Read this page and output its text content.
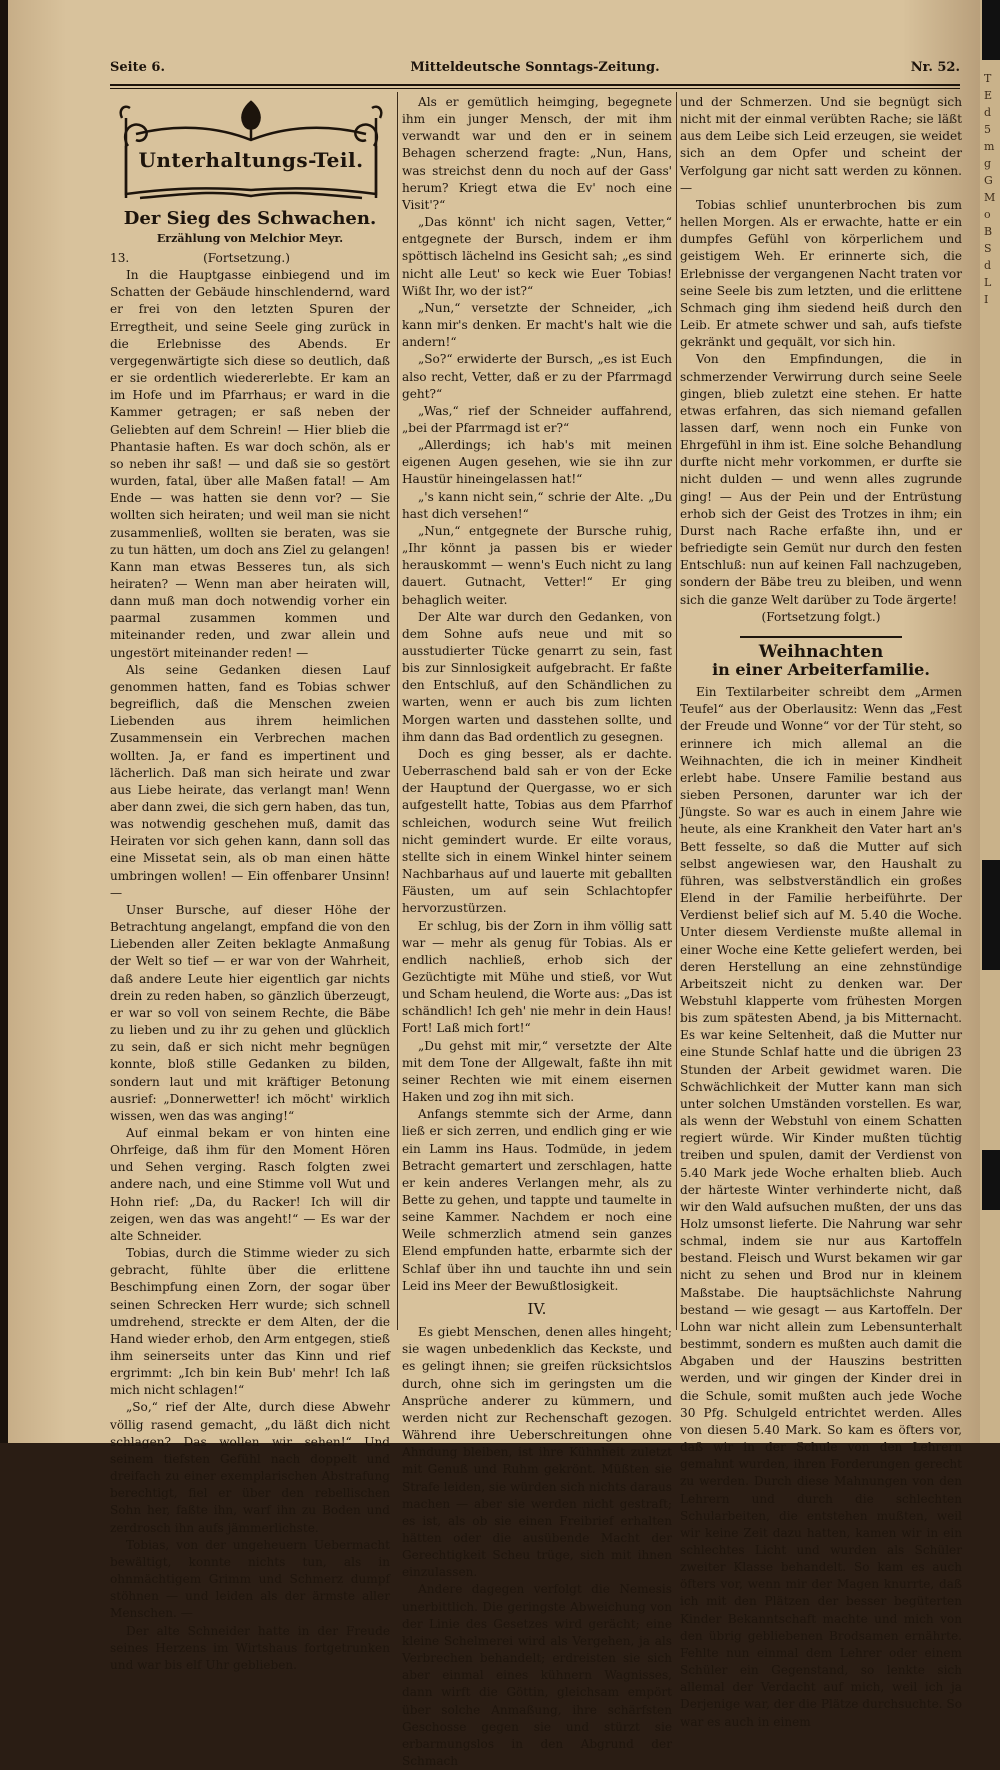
Seite 6.	Mitteldeutsche Sonntags-Zeitung.	Nr. 52.
Unterhaltungs-Teil.
Der Sieg des Schwachen.
Erzählung von Melchior Meyr.

13.	(Fortsetzung.)

In die Hauptgasse einbiegend und im Schatten der Gebäude hinschlendernd, ward er frei von den letzten Spuren der Erregtheit, und seine Seele ging zurück in die Erlebnisse des Abends. Er vergegenwärtigte sich diese so deutlich, daß er sie ordentlich wiedererlebte. Er kam an im Hofe und im Pfarrhaus; er ward in die Kammer getragen; er saß neben der Geliebten auf dem Schrein! — Hier blieb die Phantasie haften. Es war doch schön, als er so neben ihr saß! — und daß sie so gestört wurden, fatal, über alle Maßen fatal! — Am Ende — was hatten sie denn vor? — Sie wollten sich heiraten; und weil man sie nicht zusammenließ, wollten sie beraten, was sie zu tun hätten, um doch ans Ziel zu gelangen! Kann man etwas Besseres tun, als sich heiraten? — Wenn man aber heiraten will, dann muß man doch notwendig vorher ein paarmal zusammen kommen und miteinander reden, und zwar allein und ungestört miteinander reden! —

Als seine Gedanken diesen Lauf genommen hatten, fand es Tobias schwer begreiflich, daß die Menschen zweien Liebenden aus ihrem heimlichen Zusammensein ein Verbrechen machen wollten. Ja, er fand es impertinent und lächerlich. Daß man sich heirate und zwar aus Liebe heirate, das verlangt man! Wenn aber dann zwei, die sich gern haben, das tun, was notwendig geschehen muß, damit das Heiraten vor sich gehen kann, dann soll das eine Missetat sein, als ob man einen hätte umbringen wollen! — Ein offenbarer Unsinn! —

Unser Bursche, auf dieser Höhe der Betrachtung angelangt, empfand die von den Liebenden aller Zeiten beklagte Anmaßung der Welt so tief — er war von der Wahrheit, daß andere Leute hier eigentlich gar nichts drein zu reden haben, so gänzlich überzeugt, er war so voll von seinem Rechte, die Bäbe zu lieben und zu ihr zu gehen und glücklich zu sein, daß er sich nicht mehr begnügen konnte, bloß stille Gedanken zu bilden, sondern laut und mit kräftiger Betonung ausrief: „Donnerwetter! ich möcht' wirklich wissen, wen das was anging!“

Auf einmal bekam er von hinten eine Ohrfeige, daß ihm für den Moment Hören und Sehen verging. Rasch folgten zwei andere nach, und eine Stimme voll Wut und Hohn rief: „Da, du Racker! Ich will dir zeigen, wen das was angeht!“ — Es war der alte Schneider.

Tobias, durch die Stimme wieder zu sich gebracht, fühlte über die erlittene Beschimpfung einen Zorn, der sogar über seinen Schrecken Herr wurde; sich schnell umdrehend, streckte er dem Alten, der die Hand wieder erhob, den Arm entgegen, stieß ihm seinerseits unter das Kinn und rief ergrimmt: „Ich bin kein Bub' mehr! Ich laß mich nicht schlagen!“

„So,“ rief der Alte, durch diese Abwehr völlig rasend gemacht, „du läßt dich nicht schlagen? Das wollen wir sehen!“ Und seinem tiefsten Gefühl nach doppelt und dreifach zu einer exemplarischen Abstrafung berechtigt, fiel er über den rebellischen Sohn her, faßte ihn, warf ihn zu Boden und zerdrosch ihn aufs jämmerlichste.

Tobias, von der ungeheuern Uebermacht bewältigt, konnte nichts tun, als in ohnmächtigem Grimm und Schmerz dumpf stöhnen — und leiden als der ärmste aller Menschen. —

Der alte Schneider hatte in der Freude seines Herzens im Wirtshaus fortgetrunken und war bis elf Uhr geblieben.

Als er gemütlich heimging, begegnete ihm ein junger Mensch, der mit ihm verwandt war und den er in seinem Behagen scherzend fragte: „Nun, Hans, was streichst denn du noch auf der Gass' herum? Kriegt etwa die Ev' noch eine Visit'?“

„Das könnt' ich nicht sagen, Vetter,“ entgegnete der Bursch, indem er ihm spöttisch lächelnd ins Gesicht sah; „es sind nicht alle Leut' so keck wie Euer Tobias! Wißt Ihr, wo der ist?“

„Nun,“ versetzte der Schneider, „ich kann mir's denken. Er macht's halt wie die andern!“

„So?“ erwiderte der Bursch, „es ist Euch also recht, Vetter, daß er zu der Pfarrmagd geht?“

„Was,“ rief der Schneider auffahrend, „bei der Pfarrmagd ist er?“

„Allerdings; ich hab's mit meinen eigenen Augen gesehen, wie sie ihn zur Haustür hineingelassen hat!“

„'s kann nicht sein,“ schrie der Alte. „Du hast dich versehen!“

„Nun,“ entgegnete der Bursche ruhig, „Ihr könnt ja passen bis er wieder herauskommt — wenn's Euch nicht zu lang dauert. Gutnacht, Vetter!“ Er ging behaglich weiter.

Der Alte war durch den Gedanken, von dem Sohne aufs neue und mit so ausstudierter Tücke genarrt zu sein, fast bis zur Sinnlosigkeit aufgebracht. Er faßte den Entschluß, auf den Schändlichen zu warten, wenn er auch bis zum lichten Morgen warten und dasstehen sollte, und ihm dann das Bad ordentlich zu gesegnen.

Doch es ging besser, als er dachte. Ueberraschend bald sah er von der Ecke der Hauptund der Quergasse, wo er sich aufgestellt hatte, Tobias aus dem Pfarrhof schleichen, wodurch seine Wut freilich nicht gemindert wurde. Er eilte voraus, stellte sich in einem Winkel hinter seinem Nachbarhaus auf und lauerte mit geballten Fäusten, um auf sein Schlachtopfer hervorzustürzen.

Er schlug, bis der Zorn in ihm völlig satt war — mehr als genug für Tobias. Als er endlich nachließ, erhob sich der Gezüchtigte mit Mühe und stieß, vor Wut und Scham heulend, die Worte aus: „Das ist schändlich! Ich geh' nie mehr in dein Haus! Fort! Laß mich fort!“

„Du gehst mit mir,“ versetzte der Alte mit dem Tone der Allgewalt, faßte ihn mit seiner Rechten wie mit einem eisernen Haken und zog ihn mit sich.

Anfangs stemmte sich der Arme, dann ließ er sich zerren, und endlich ging er wie ein Lamm ins Haus. Todmüde, in jedem Betracht gemartert und zerschlagen, hatte er kein anderes Verlangen mehr, als zu Bette zu gehen, und tappte und taumelte in seine Kammer. Nachdem er noch eine Weile schmerzlich atmend sein ganzes Elend empfunden hatte, erbarmte sich der Schlaf über ihn und tauchte ihn und sein Leid ins Meer der Bewußtlosigkeit.

IV.

Es giebt Menschen, denen alles hingeht; sie wagen unbedenklich das Keckste, und es gelingt ihnen; sie greifen rücksichtslos durch, ohne sich im geringsten um die Ansprüche anderer zu kümmern, und werden nicht zur Rechenschaft gezogen. Während ihre Ueberschreitungen ohne Ahndung bleiben, ist ihre Kühnheit zuletzt mit Genuß und Ruhm gekrönt. Müßten sie Strafe leiden, sie würden sich nichts daraus machen — aber sie werden nicht gestraft; es ist, als ob sie einen Freibrief erhalten hätten oder die ausübende Macht der Gerechtigkeit Scheu trüge, sich mit ihnen einzulassen.

Andere dagegen verfolgt die Nemesis unerbittlich. Die geringste Abweichung von der Linie des Gesetzes wird gerächt; eine kleine Schelmerei wird als Vergehen, ja als Verbrechen behandelt; erdreisten sie sich aber einmal eines kühnern Wagnisses, dann wirft die Göttin, gleichsam empört über solche Anmaßung, ihre schärfsten Geschosse gegen sie und stürzt sie erbarmungslos in den Abgrund der Schmach

und der Schmerzen. Und sie begnügt sich nicht mit der einmal verübten Rache; sie läßt aus dem Leibe sich Leid erzeugen, sie weidet sich an dem Opfer und scheint der Verfolgung gar nicht satt werden zu können. —

Tobias schlief ununterbrochen bis zum hellen Morgen. Als er erwachte, hatte er ein dumpfes Gefühl von körperlichem und geistigem Weh. Er erinnerte sich, die Erlebnisse der vergangenen Nacht traten vor seine Seele bis zum letzten, und die erlittene Schmach ging ihm siedend heiß durch den Leib. Er atmete schwer und sah, aufs tiefste gekränkt und gequält, vor sich hin.

Von den Empfindungen, die in schmerzender Verwirrung durch seine Seele gingen, blieb zuletzt eine stehen. Er hatte etwas erfahren, das sich niemand gefallen lassen darf, wenn noch ein Funke von Ehrgefühl in ihm ist. Eine solche Behandlung durfte nicht mehr vorkommen, er durfte sie nicht dulden — und wenn alles zugrunde ging! — Aus der Pein und der Entrüstung erhob sich der Geist des Trotzes in ihm; ein Durst nach Rache erfaßte ihn, und er befriedigte sein Gemüt nur durch den festen Entschluß: nun auf keinen Fall nachzugeben, sondern der Bäbe treu zu bleiben, und wenn sich die ganze Welt darüber zu Tode ärgerte!

(Fortsetzung folgt.)
Weihnachten
in einer Arbeiterfamilie.

Ein Textilarbeiter schreibt dem „Armen Teufel“ aus der Oberlausitz: Wenn das „Fest der Freude und Wonne“ vor der Tür steht, so erinnere ich mich allemal an die Weihnachten, die ich in meiner Kindheit erlebt habe. Unsere Familie bestand aus sieben Personen, darunter war ich der Jüngste. So war es auch in einem Jahre wie heute, als eine Krankheit den Vater hart an's Bett fesselte, so daß die Mutter auf sich selbst angewiesen war, den Haushalt zu führen, was selbstverständlich ein großes Elend in der Familie herbeiführte. Der Verdienst belief sich auf M. 5.40 die Woche. Unter diesem Verdienste mußte allemal in einer Woche eine Kette geliefert werden, bei deren Herstellung an eine zehnstündige Arbeitszeit nicht zu denken war. Der Webstuhl klapperte vom frühesten Morgen bis zum spätesten Abend, ja bis Mitternacht. Es war keine Seltenheit, daß die Mutter nur eine Stunde Schlaf hatte und die übrigen 23 Stunden der Arbeit gewidmet waren. Die Schwächlichkeit der Mutter kann man sich unter solchen Umständen vorstellen. Es war, als wenn der Webstuhl von einem Schatten regiert würde. Wir Kinder mußten tüchtig treiben und spulen, damit der Verdienst von 5.40 Mark jede Woche erhalten blieb. Auch der härteste Winter verhinderte nicht, daß wir den Wald aufsuchen mußten, der uns das Holz umsonst lieferte. Die Nahrung war sehr schmal, indem sie nur aus Kartoffeln bestand. Fleisch und Wurst bekamen wir gar nicht zu sehen und Brod nur in kleinem Maßstabe. Die hauptsächlichste Nahrung bestand — wie gesagt — aus Kartoffeln. Der Lohn war nicht allein zum Lebensunterhalt bestimmt, sondern es mußten auch damit die Abgaben und der Hauszins bestritten werden, und wir gingen der Kinder drei in die Schule, somit mußten auch jede Woche 30 Pfg. Schulgeld entrichtet werden. Alles von diesen 5.40 Mark. So kam es öfters vor, daß wir in der Schule von den Lehrern gemahnt wurden, ihren Forderungen gerecht zu werden. Durch diese Mahnungen von den Lehrern und durch die schlechten Schularbeiten, die entstehen mußten, weil wir keine Zeit dazu hatten, kamen wir in ein schlechtes Licht und wurden als Schüler zweiter Klasse behandelt. So kam es auch öfters vor, wenn mir der Magen knurrte, daß ich mit den Plätzen der besser begüterten Kinder Bekanntschaft machte und mich von den übrig gebliebenen Brodsamen ernährte. Fehlte nun einmal dem Lehrer oder einem Schüler ein Gegenstand, so lenkte sich allemal der Verdacht auf mich, weil ich ja Derjenige war, der die Plätze durchsuchte. So war es auch in einem

T
E
d
5
m
g
G
M
o
B
S
d
L
I
